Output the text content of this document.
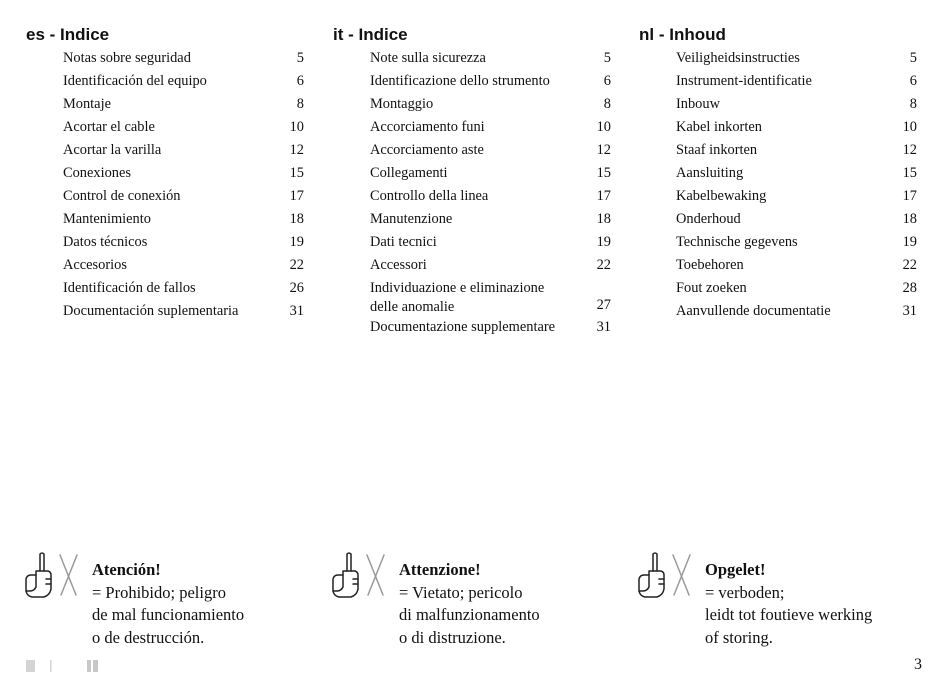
es - Indice
Notas sobre seguridad	5
Identificación del equipo	6
Montaje	8
Acortar el cable	10
Acortar la varilla	12
Conexiones	15
Control de conexión	17
Mantenimiento	18
Datos técnicos	19
Accesorios	22
Identificación de fallos	26
Documentación suplementaria	31
it - Indice
Note sulla sicurezza	5
Identificazione dello strumento	6
Montaggio	8
Accorciamento funi	10
Accorciamento aste	12
Collegamenti	15
Controllo della linea	17
Manutenzione	18
Dati tecnici	19
Accessori	22
Individuazione e eliminazione delle anomalie	27
Documentazione supplementare	31
nl - Inhoud
Veiligheidsinstructies	5
Instrument-identificatie	6
Inbouw	8
Kabel inkorten	10
Staaf inkorten	12
Aansluiting	15
Kabelbewaking	17
Onderhoud	18
Technische gegevens	19
Toebehoren	22
Fout zoeken	28
Aanvullende documentatie	31
Atención!
= Prohibido; peligro
de mal funcionamiento
o de destrucción.
Attenzione!
= Vietato; pericolo
di malfunzionamento
o di distruzione.
Opgelet!
= verboden;
leidt tot foutieve werking
of storing.
3
